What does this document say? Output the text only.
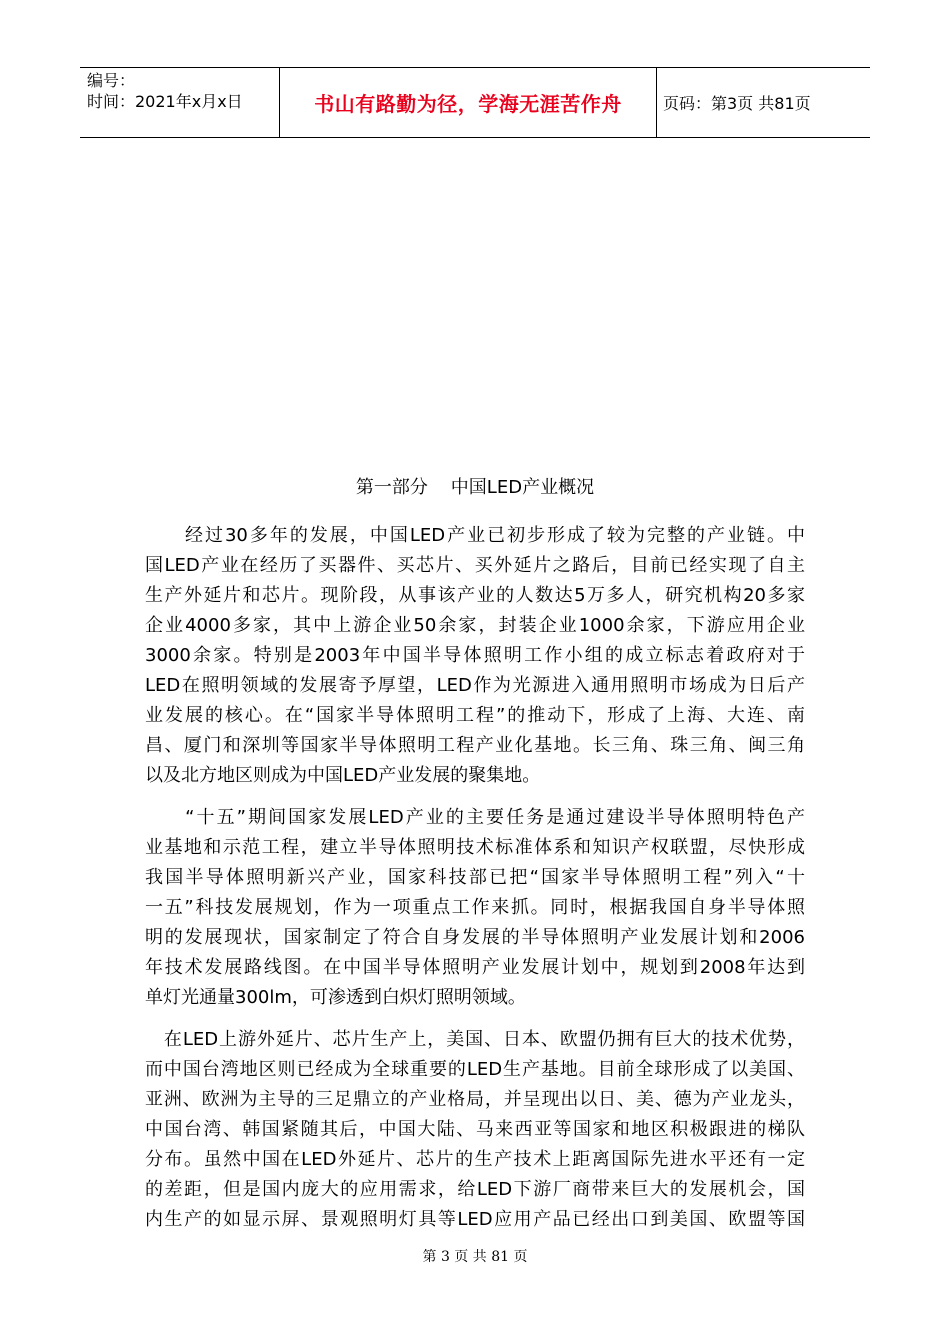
编号：
时间：2021年x月x日	书山有路勤为径，学海无涯苦作舟	页码：第3页 共81页
第一部分    中国LED产业概况
　　经过30多年的发展，中国LED产业已初步形成了较为完整的产业链。中
国LED产业在经历了买器件、买芯片、买外延片之路后，目前已经实现了自主
生产外延片和芯片。现阶段，从事该产业的人数达5万多人，研究机构20多家
企业4000多家，其中上游企业50余家，封装企业1000余家，下游应用企业
3000余家。特别是2003年中国半导体照明工作小组的成立标志着政府对于
LED在照明领域的发展寄予厚望，LED作为光源进入通用照明市场成为日后产
业发展的核心。在“国家半导体照明工程”的推动下，形成了上海、大连、南
昌、厦门和深圳等国家半导体照明工程产业化基地。长三角、珠三角、闽三角
以及北方地区则成为中国LED产业发展的聚集地。
　　“十五”期间国家发展LED产业的主要任务是通过建设半导体照明特色产
业基地和示范工程，建立半导体照明技术标准体系和知识产权联盟，尽快形成
我国半导体照明新兴产业，国家科技部已把“国家半导体照明工程”列入“十
一五”科技发展规划，作为一项重点工作来抓。同时，根据我国自身半导体照
明的发展现状，国家制定了符合自身发展的半导体照明产业发展计划和2006
年技术发展路线图。在中国半导体照明产业发展计划中，规划到2008年达到
单灯光通量300lm，可渗透到白炽灯照明领域。
　在LED上游外延片、芯片生产上，美国、日本、欧盟仍拥有巨大的技术优势，
而中国台湾地区则已经成为全球重要的LED生产基地。目前全球形成了以美国、
亚洲、欧洲为主导的三足鼎立的产业格局，并呈现出以日、美、德为产业龙头，
中国台湾、韩国紧随其后，中国大陆、马来西亚等国家和地区积极跟进的梯队
分布。虽然中国在LED外延片、芯片的生产技术上距离国际先进水平还有一定
的差距，但是国内庞大的应用需求，给LED下游厂商带来巨大的发展机会，国
内生产的如显示屏、景观照明灯具等LED应用产品已经出口到美国、欧盟等国
第 3 页 共 81 页
